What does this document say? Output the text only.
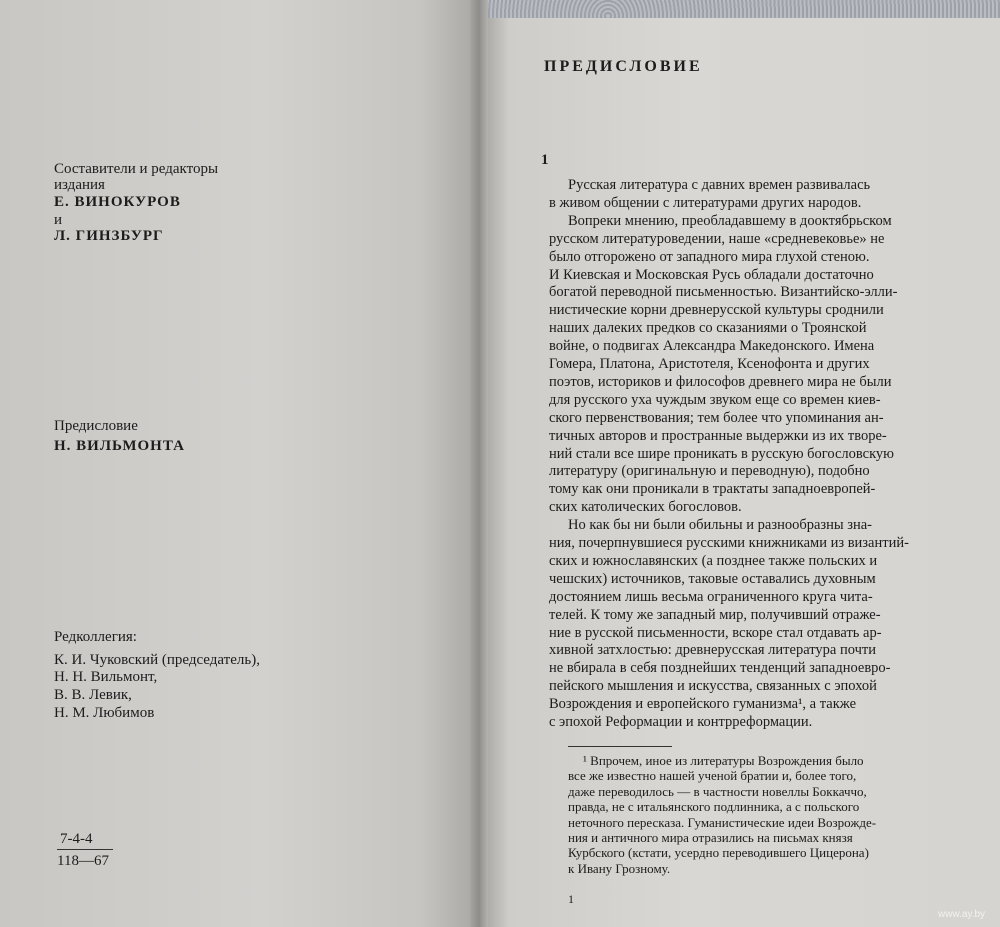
Составители и редакторы
издания
Е. ВИНОКУРОВ
и
Л. ГИНЗБУРГ
Предисловие
Н. ВИЛЬМОНТА
Редколлегия:
К. И. Чуковский (председатель),
Н. Н. Вильмонт,
В. В. Левик,
Н. М. Любимов
7-4-4
118—67
ПРЕДИСЛОВИЕ
1
Русская литература с давних времен развивалась
в живом общении с литературами других народов.
Вопреки мнению, преобладавшему в дооктябрьском
русском литературоведении, наше «средневековье» не
было отгорожено от западного мира глухой стеною.
И Киевская и Московская Русь обладали достаточно
богатой переводной письменностью. Византийско-элли-
нистические корни древнерусской культуры сроднили
наших далеких предков со сказаниями о Троянской
войне, о подвигах Александра Македонского. Имена
Гомера, Платона, Аристотеля, Ксенофонта и других
поэтов, историков и философов древнего мира не были
для русского уха чуждым звуком еще со времен киев-
ского первенствования; тем более что упоминания ан-
тичных авторов и пространные выдержки из их творе-
ний стали все шире проникать в русскую богословскую
литературу (оригинальную и переводную), подобно
тому как они проникали в трактаты западноевропей-
ских католических богословов.
Но как бы ни были обильны и разнообразны зна-
ния, почерпнувшиеся русскими книжниками из византий-
ских и южнославянских (а позднее также польских и
чешских) источников, таковые оставались духовным
достоянием лишь весьма ограниченного круга чита-
телей. К тому же западный мир, получивший отраже-
ние в русской письменности, вскоре стал отдавать ар-
хивной затхлостью: древнерусская литература почти
не вбирала в себя позднейших тенденций западноевро-
пейского мышления и искусства, связанных с эпохой
Возрождения и европейского гуманизма¹, а также
с эпохой Реформации и контрреформации.
¹ Впрочем, иное из литературы Возрождения было
все же известно нашей ученой братии и, более того,
даже переводилось — в частности новеллы Боккаччо,
правда, не с итальянского подлинника, а с польского
неточного пересказа. Гуманистические идеи Возрожде-
ния и античного мира отразились на письмах князя
Курбского (кстати, усердно переводившего Цицерона)
к Ивану Грозному.
1
www.ay.by
